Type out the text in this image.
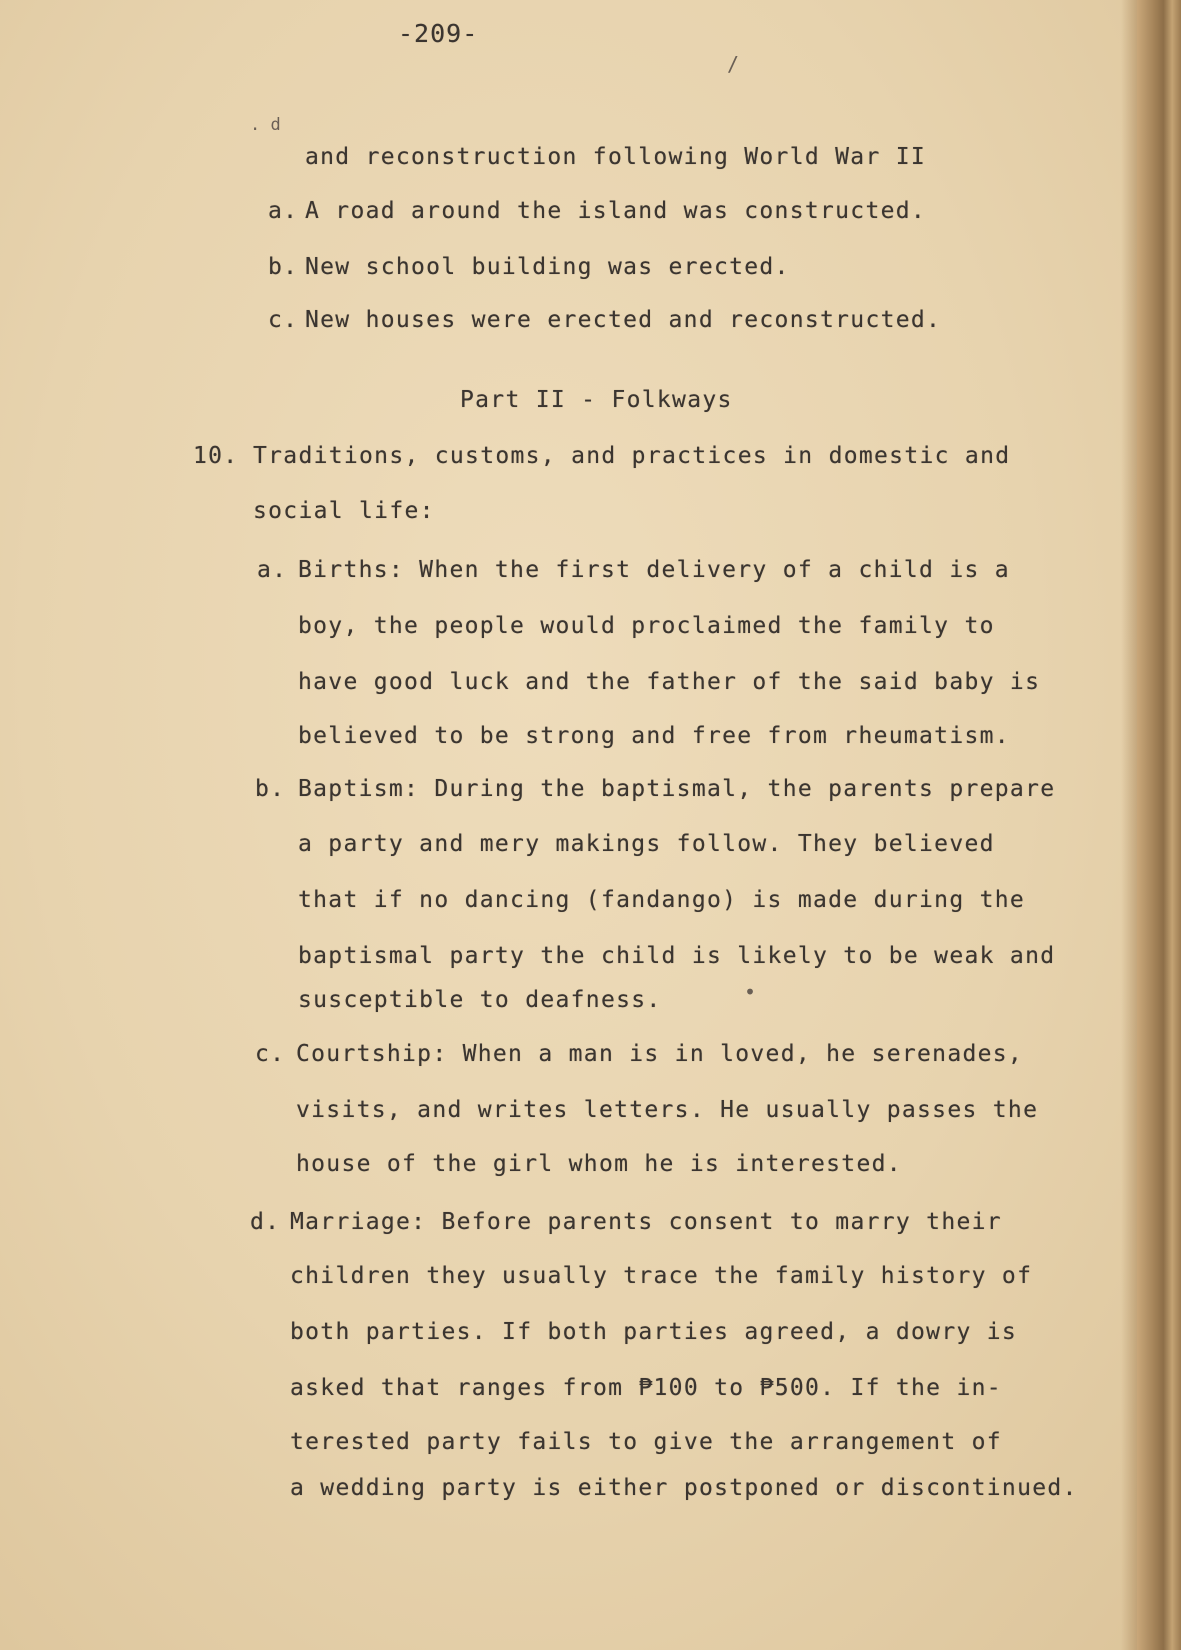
-209-
/
. d
and reconstruction following World War II
a. A road around the island was constructed.
b. New school building was erected.
c. New houses were erected and reconstructed.
Part II - Folkways
10. Traditions, customs, and practices in domestic and
social life:
a. Births: When the first delivery of a child is a
boy, the people would proclaimed the family to
have good luck and the father of the said baby is
believed to be strong and free from rheumatism.
b. Baptism: During the baptismal, the parents prepare
a party and mery makings follow. They believed
that if no dancing (fandango) is made during the
baptismal party the child is likely to be weak and
susceptible to deafness.	•
c. Courtship: When a man is in loved, he serenades,
visits, and writes letters. He usually passes the
house of the girl whom he is interested.
d. Marriage: Before parents consent to marry their
children they usually trace the family history of
both parties. If both parties agreed, a dowry is
asked that ranges from ₱100 to ₱500. If the in-
terested party fails to give the arrangement of
a wedding party is either postponed or discontinued.
